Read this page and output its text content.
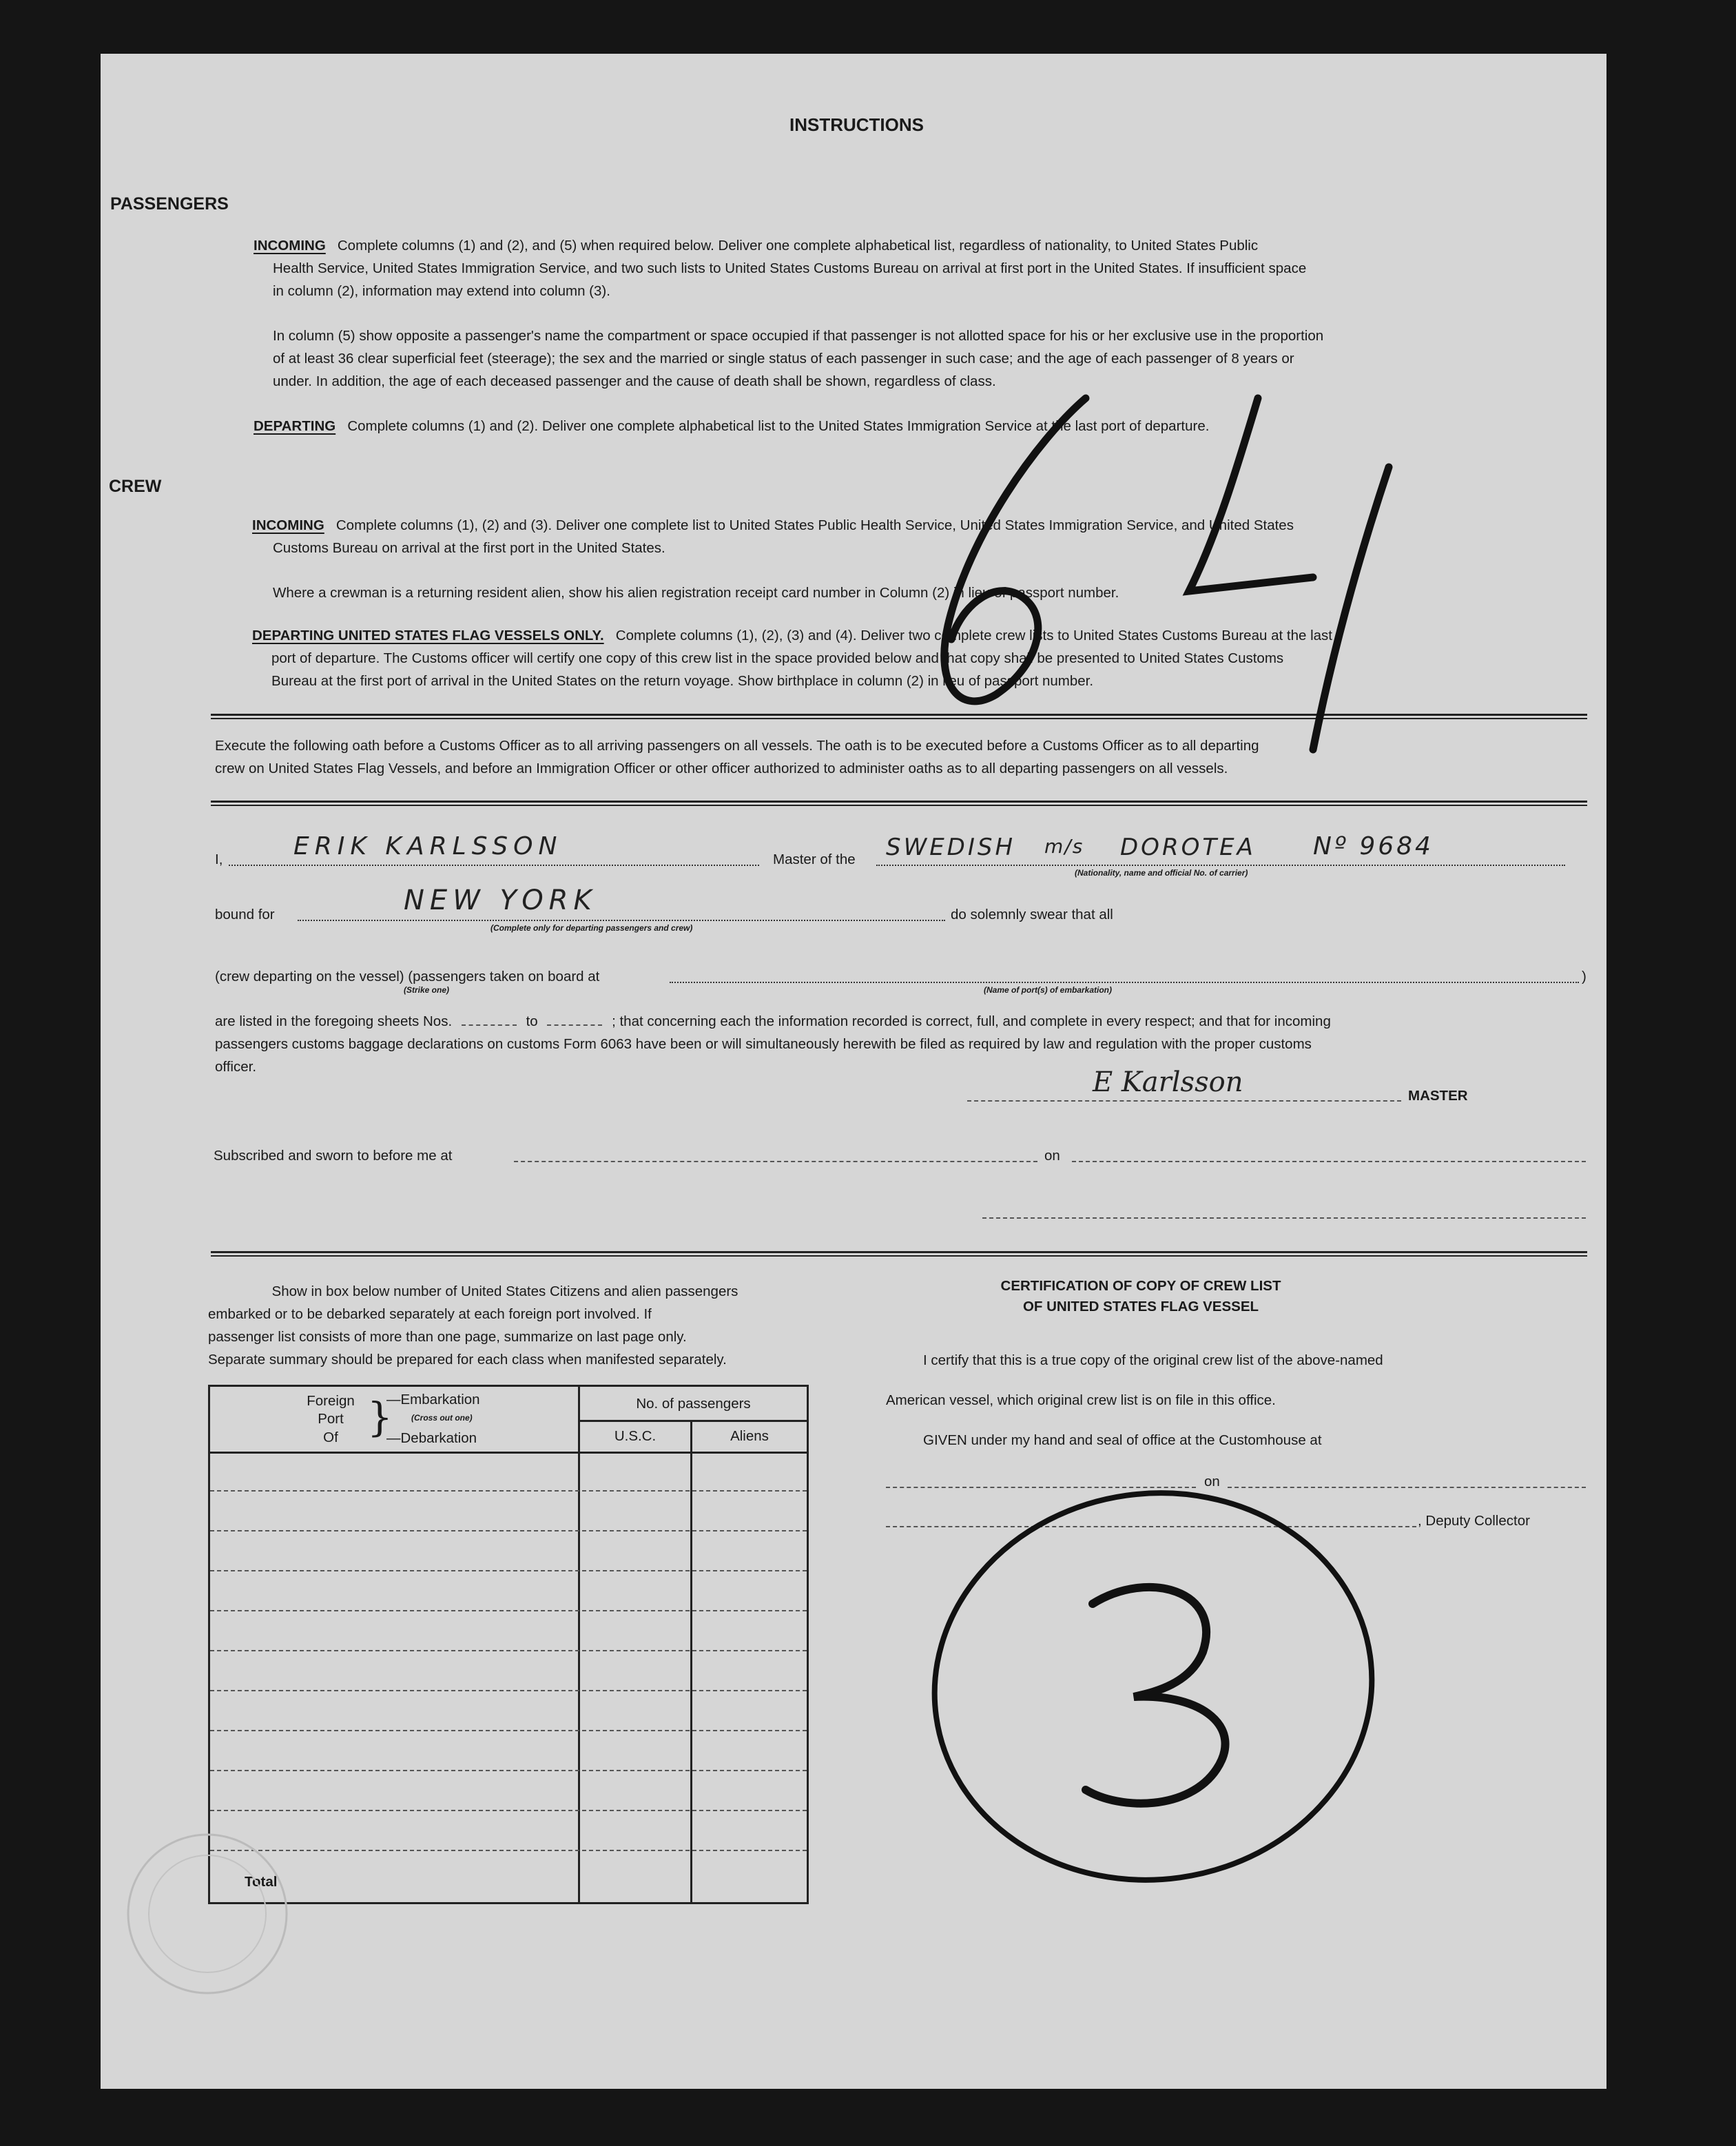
INSTRUCTIONS
PASSENGERS
INCOMING Complete columns (1) and (2), and (5) when required below. Deliver one complete alphabetical list, regardless of nationality, to United States Public
Health Service, United States Immigration Service, and two such lists to United States Customs Bureau on arrival at first port in the United States. If insufficient space
in column (2), information may extend into column (3).
In column (5) show opposite a passenger's name the compartment or space occupied if that passenger is not allotted space for his or her exclusive use in the proportion
of at least 36 clear superficial feet (steerage); the sex and the married or single status of each passenger in such case; and the age of each passenger of 8 years or
under. In addition, the age of each deceased passenger and the cause of death shall be shown, regardless of class.
DEPARTING Complete columns (1) and (2). Deliver one complete alphabetical list to the United States Immigration Service at the last port of departure.
CREW
INCOMING Complete columns (1), (2) and (3). Deliver one complete list to United States Public Health Service, United States Immigration Service, and United States
Customs Bureau on arrival at the first port in the United States.
Where a crewman is a returning resident alien, show his alien registration receipt card number in Column (2) in lieu of passport number.
DEPARTING UNITED STATES FLAG VESSELS ONLY. Complete columns (1), (2), (3) and (4). Deliver two complete crew lists to United States Customs Bureau at the last
port of departure. The Customs officer will certify one copy of this crew list in the space provided below and that copy shall be presented to United States Customs
Bureau at the first port of arrival in the United States on the return voyage. Show birthplace in column (2) in lieu of passport number.
Execute the following oath before a Customs Officer as to all arriving passengers on all vessels. The oath is to be executed before a Customs Officer as to all departing
crew on United States Flag Vessels, and before an Immigration Officer or other officer authorized to administer oaths as to all departing passengers on all vessels.
I,	ERIK KARLSSON	Master of the SWEDISH m/s DOROTEA Nº 9684
(Nationality, name and official No. of carrier)
bound for	NEW YORK
(Complete only for departing passengers and crew)
do solemnly swear that all
(crew departing on the vessel) (passengers taken on board at
(Strike one)	(Name of port(s) of embarkation)
)
are listed in the foregoing sheets Nos.	to	; that concerning each the information recorded is correct, full, and complete in every respect; and that for incoming
passengers customs baggage declarations on customs Form 6063 have been or will simultaneously herewith be filed as required by law and regulation with the proper customs
officer.	E Karlsson	MASTER
Subscribed and sworn to before me at	on
Show in box below number of United States Citizens and alien passengers
embarked or to be debarked separately at each foreign port involved. If
passenger list consists of more than one page, summarize on last page only.
Separate summary should be prepared for each class when manifested separately.
Foreign
Port
Of }
—Embarkation
(Cross out one)
—Debarkation
No. of passengers
U.S.C.	Aliens
Total
CERTIFICATION OF COPY OF CREW LIST
OF UNITED STATES FLAG VESSEL
I certify that this is a true copy of the original crew list of the above-named
American vessel, which original crew list is on file in this office.
GIVEN under my hand and seal of office at the Customhouse at
on
, Deputy Collector
